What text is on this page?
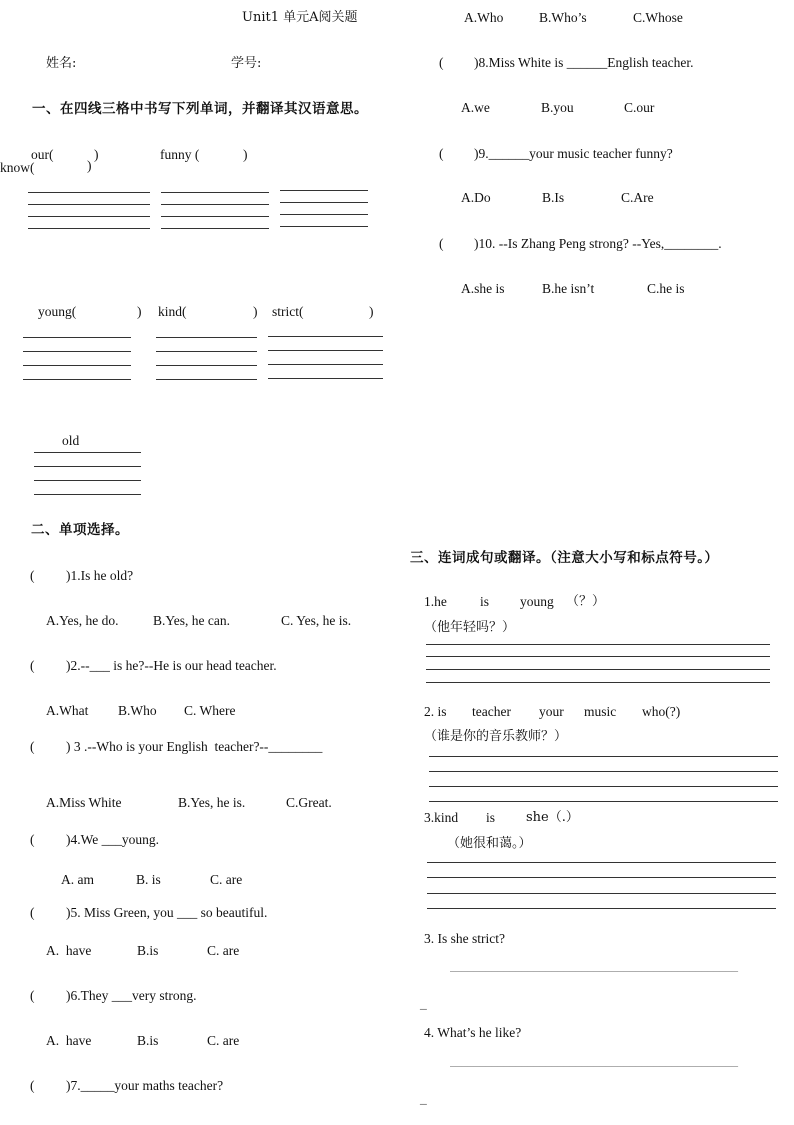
Unit1 单元A阅关题
姓名:	学号:
一、在四线三格中书写下列单词，并翻译其汉语意思。
our(	)	funny (	)
know(	)
young(	) kind(	) strict(	)
old
二、单项选择。
( )1.Is he old?
A.Yes, he do.	B.Yes, he can.	C. Yes, he is.
( )2.--___ is he?--He is our head teacher.
A.What B.Who C. Where
( ) 3 .--Who is your English  teacher?--________
A.Miss White	B.Yes, he is.	C.Great.
( )4.We ___young.
A. am	B. is	C. are
( )5. Miss Green, you ___ so beautiful.
A.  have	B.is	C. are
( )6.They ___very strong.
A.  have	B.is	C. are
( )7._____your maths teacher?
A.Who	B.Who’s	C.Whose
( )8.Miss White is ______English teacher.
A.we	B.you	C.our
( )9.______your music teacher funny?
A.Do	B.Is	C.Are
( )10. --Is Zhang Peng strong? --Yes,________.
A.she is	B.he isn’t	C.he is
三、连词成句或翻译。（注意大小写和标点符号。）
1.he is young （？）
（他年轻吗？）
2. is teacher your music who(?)
（谁是你的音乐教师？）
3.kind is she（.）
（她很和蔼。）
3. Is she strict?
________________________________________________
_
4. What’s he like?
________________________________________________
_
